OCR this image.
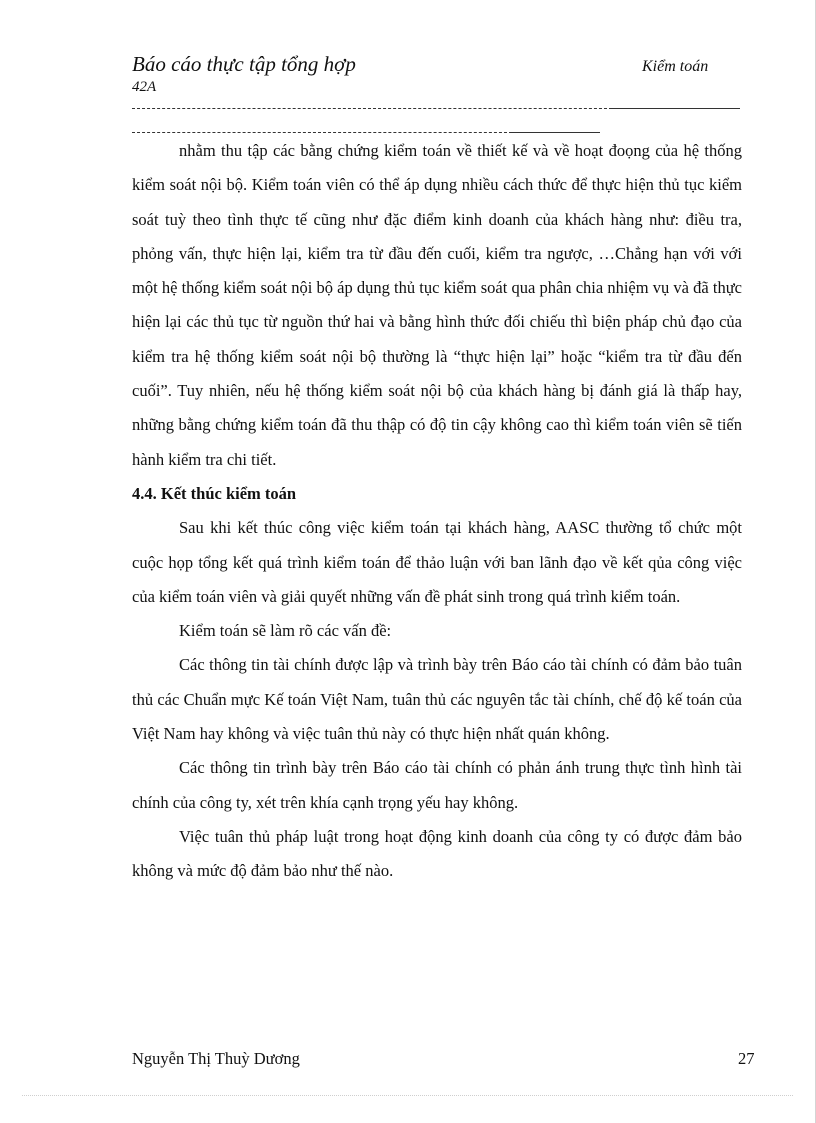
Báo cáo thực tập tổng hợp	Kiểm toán
42A

nhằm thu tập các bằng chứng kiểm toán về thiết kế và về hoạt đoọng của hệ thống kiểm soát nội bộ. Kiểm toán viên có thể áp dụng nhiều cách thức để thực hiện thủ tục kiểm soát tuỳ theo tình thực tế cũng như đặc điểm kinh doanh của khách hàng như: điều tra, phỏng vấn, thực hiện lại, kiểm tra từ đầu đến cuối, kiểm tra ngược, …Chẳng hạn với với một hệ thống kiểm soát nội bộ áp dụng thủ tục kiểm soát qua phân chia nhiệm vụ và đã thực hiện lại các thủ tục từ nguồn thứ hai và bằng hình thức đối chiếu thì biện pháp chủ đạo của kiểm tra hệ thống kiểm soát nội bộ thường là “thực hiện lại” hoặc “kiểm tra từ đầu đến cuối”. Tuy nhiên, nếu hệ thống kiểm soát nội bộ của khách hàng bị đánh giá là thấp hay, những bằng chứng kiểm toán đã thu thập có độ tin cậy không cao thì kiểm toán viên sẽ tiến hành kiểm tra chi tiết.

4.4. Kết thúc kiểm toán

Sau khi kết thúc công việc kiểm toán tại khách hàng, AASC thường tổ chức một cuộc họp tổng kết quá trình kiểm toán để thảo luận với ban lãnh đạo về kết qủa công việc của kiểm toán viên và giải quyết những vấn đề phát sinh trong quá trình kiểm toán.

Kiểm toán sẽ làm rõ các vấn đề:

Các thông tin tài chính được lập và trình bày trên Báo cáo tài chính có đảm bảo tuân thủ các Chuẩn mực Kế toán Việt Nam, tuân thủ các nguyên tắc tài chính, chế độ kế toán của Việt Nam hay không và việc tuân thủ này có thực hiện nhất quán không.

Các thông tin trình bày trên Báo cáo tài chính có phản ánh trung thực tình hình tài chính của công ty, xét trên khía cạnh trọng yếu hay không.

Việc tuân thủ pháp luật trong hoạt động kinh doanh của công ty có được đảm bảo không và mức độ đảm bảo như thế nào.

Nguyễn Thị Thuỳ Dương	27
